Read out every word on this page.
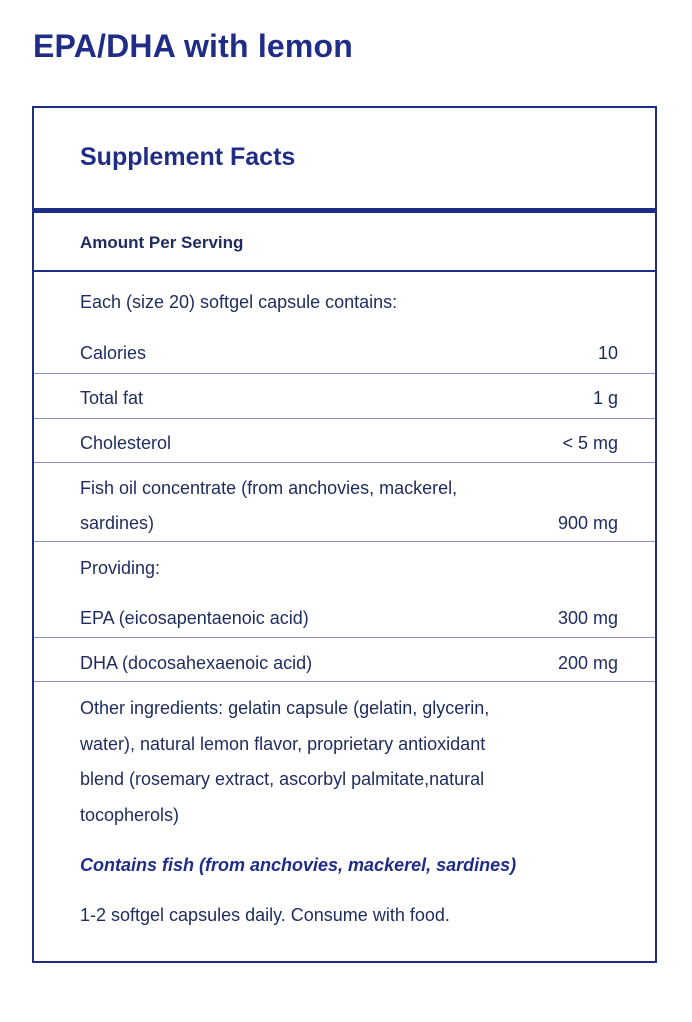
EPA/DHA with lemon
Supplement Facts
Amount Per Serving
Each (size 20) softgel capsule contains:
Calories	10
Total fat	1 g
Cholesterol	< 5 mg
Fish oil concentrate (from anchovies, mackerel,
sardines)	900 mg
Providing:
EPA (eicosapentaenoic acid)	300 mg
DHA (docosahexaenoic acid)	200 mg
Other ingredients: gelatin capsule (gelatin, glycerin,
water), natural lemon flavor, proprietary antioxidant
blend (rosemary extract, ascorbyl palmitate,natural
tocopherols)
Contains fish (from anchovies, mackerel, sardines)
1-2 softgel capsules daily. Consume with food.
